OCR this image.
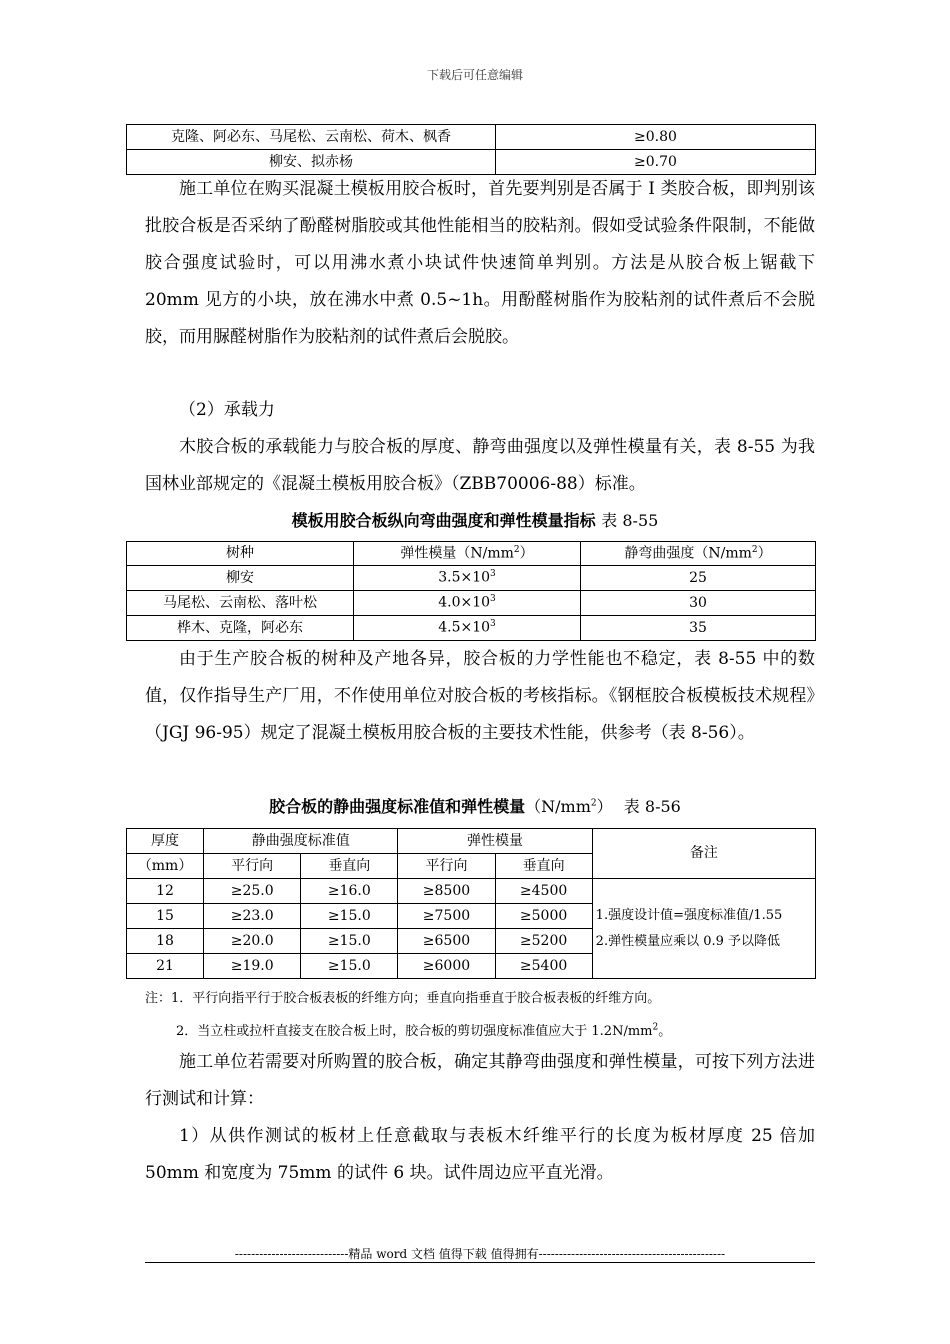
下载后可任意编辑
克隆、阿必东、马尾松、云南松、荷木、枫香	≥0.80
柳安、拟赤杨	≥0.70
施工单位在购买混凝土模板用胶合板时，首先要判别是否属于 I 类胶合板，即判别该批胶合板是否采纳了酚醛树脂胶或其他性能相当的胶粘剂。假如受试验条件限制，不能做胶合强度试验时，可以用沸水煮小块试件快速简单判别。方法是从胶合板上锯截下 20mm 见方的小块，放在沸水中煮 0.5~1h。用酚醛树脂作为胶粘剂的试件煮后不会脱胶，而用脲醛树脂作为胶粘剂的试件煮后会脱胶。
（2）承载力
木胶合板的承载能力与胶合板的厚度、静弯曲强度以及弹性模量有关，表 8-55 为我国林业部规定的《混凝土模板用胶合板》（ZBB70006-88）标准。
模板用胶合板纵向弯曲强度和弹性模量指标 表 8-55
树种	弹性模量$(N/mm^2)$	静弯曲强度$(N/mm^2)$
柳安	$3.5\times 10^3$	25
马尾松、云南松、落叶松	$4.0\times 10^3$	30
桦木、克隆，阿必东	$4.5\times 10^3$	35
由于生产胶合板的树种及产地各异，胶合板的力学性能也不稳定，表 8-55 中的数值，仅作指导生产厂用，不作使用单位对胶合板的考核指标。《钢框胶合板模板技术规程》（JGJ 96-95）规定了混凝土模板用胶合板的主要技术性能，供参考（表 8-56）。
胶合板的静曲强度标准值和弹性模量$(N/mm^2)$ 表 8-56
厚度	静曲强度标准值		弹性模量		备注
（mm）	平行向	垂直向	平行向	垂直向	
12	≥25.0	≥16.0	≥8500	≥4500	1.强度设计值=强度标准值/1.55
2.弹性模量应乘以 0.9 予以降低

15	≥23.0	≥15.0	≥7500	≥5000	
18	≥20.0	≥15.0	≥6500	≥5200	
21	≥19.0	≥15.0	≥6000	≥5400	
注：1．平行向指平行于胶合板表板的纤维方向；垂直向指垂直于胶合板表板的纤维方向。
2．当立柱或拉杆直接支在胶合板上时，胶合板的剪切强度标准值应大于 $1.2N/mm^2$。
施工单位若需要对所购置的胶合板，确定其静弯曲强度和弹性模量，可按下列方法进行测试和计算：
1）从供作测试的板材上任意截取与表板木纤维平行的长度为板材厚度 25 倍加 50mm 和宽度为 75mm 的试件 6 块。试件周边应平直光滑。
----------------------------精品 word 文档 值得下载 值得拥有----------------------------------------------
